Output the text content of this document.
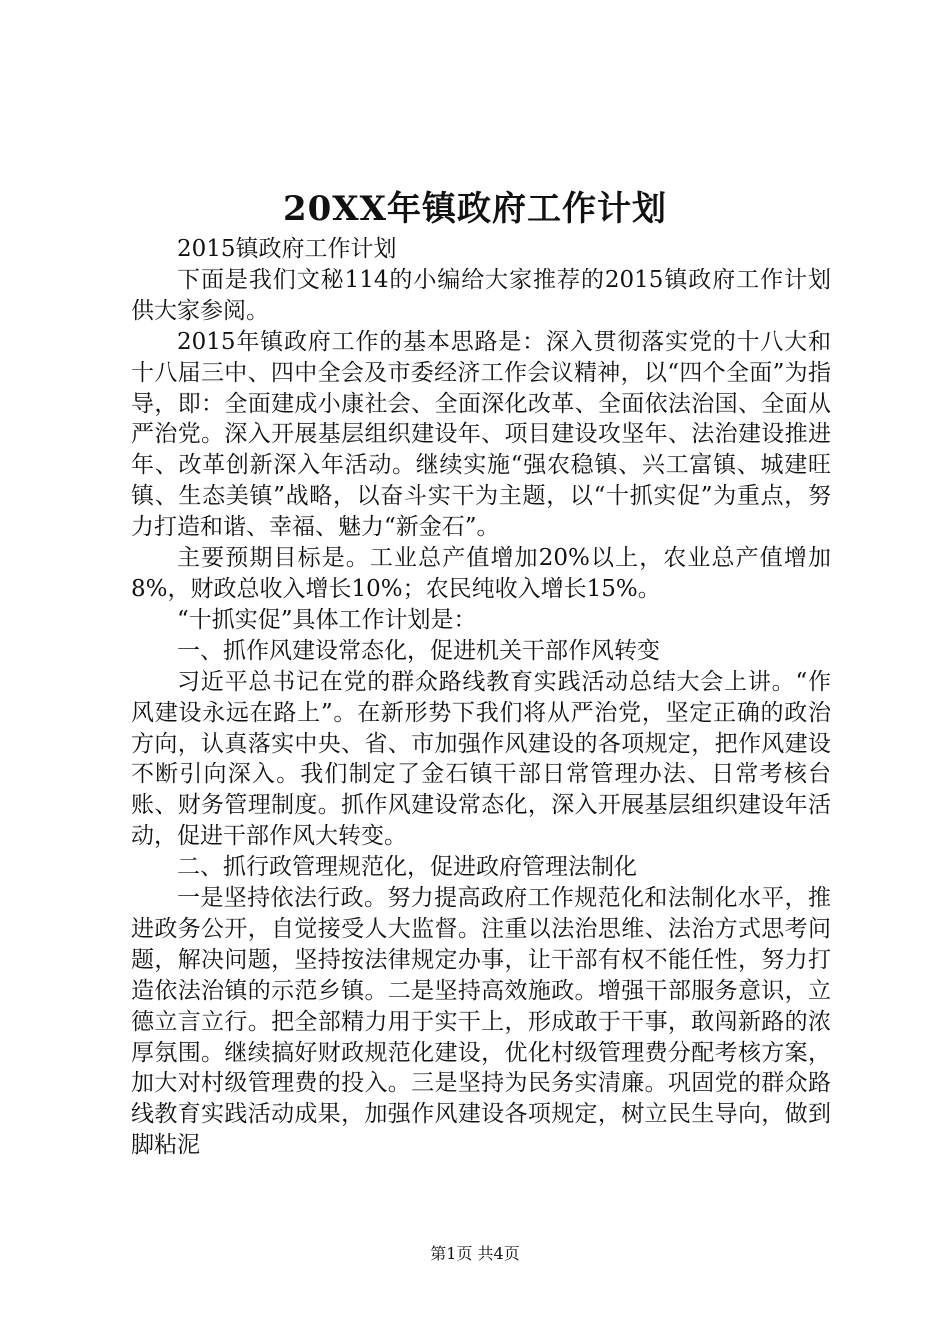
20XX年镇政府工作计划

2015镇政府工作计划

下面是我们文秘114的小编给大家推荐的2015镇政府工作计划供大家参阅。

2015年镇政府工作的基本思路是：深入贯彻落实党的十八大和十八届三中、四中全会及市委经济工作会议精神，以“四个全面”为指导，即：全面建成小康社会、全面深化改革、全面依法治国、全面从严治党。深入开展基层组织建设年、项目建设攻坚年、法治建设推进年、改革创新深入年活动。继续实施“强农稳镇、兴工富镇、城建旺镇、生态美镇”战略，以奋斗实干为主题，以“十抓实促”为重点，努力打造和谐、幸福、魅力“新金石”。

主要预期目标是。工业总产值增加20%以上，农业总产值增加8%，财政总收入增长10%；农民纯收入增长15%。

“十抓实促”具体工作计划是：

一、抓作风建设常态化，促进机关干部作风转变

习近平总书记在党的群众路线教育实践活动总结大会上讲。“作风建设永远在路上”。在新形势下我们将从严治党，坚定正确的政治方向，认真落实中央、省、市加强作风建设的各项规定，把作风建设不断引向深入。我们制定了金石镇干部日常管理办法、日常考核台账、财务管理制度。抓作风建设常态化，深入开展基层组织建设年活动，促进干部作风大转变。

二、抓行政管理规范化，促进政府管理法制化

一是坚持依法行政。努力提高政府工作规范化和法制化水平，推进政务公开，自觉接受人大监督。注重以法治思维、法治方式思考问题，解决问题，坚持按法律规定办事，让干部有权不能任性，努力打造依法治镇的示范乡镇。二是坚持高效施政。增强干部服务意识，立德立言立行。把全部精力用于实干上，形成敢于干事，敢闯新路的浓厚氛围。继续搞好财政规范化建设，优化村级管理费分配考核方案，加大对村级管理费的投入。三是坚持为民务实清廉。巩固党的群众路线教育实践活动成果，加强作风建设各项规定，树立民生导向，做到脚粘泥

第1页 共4页
